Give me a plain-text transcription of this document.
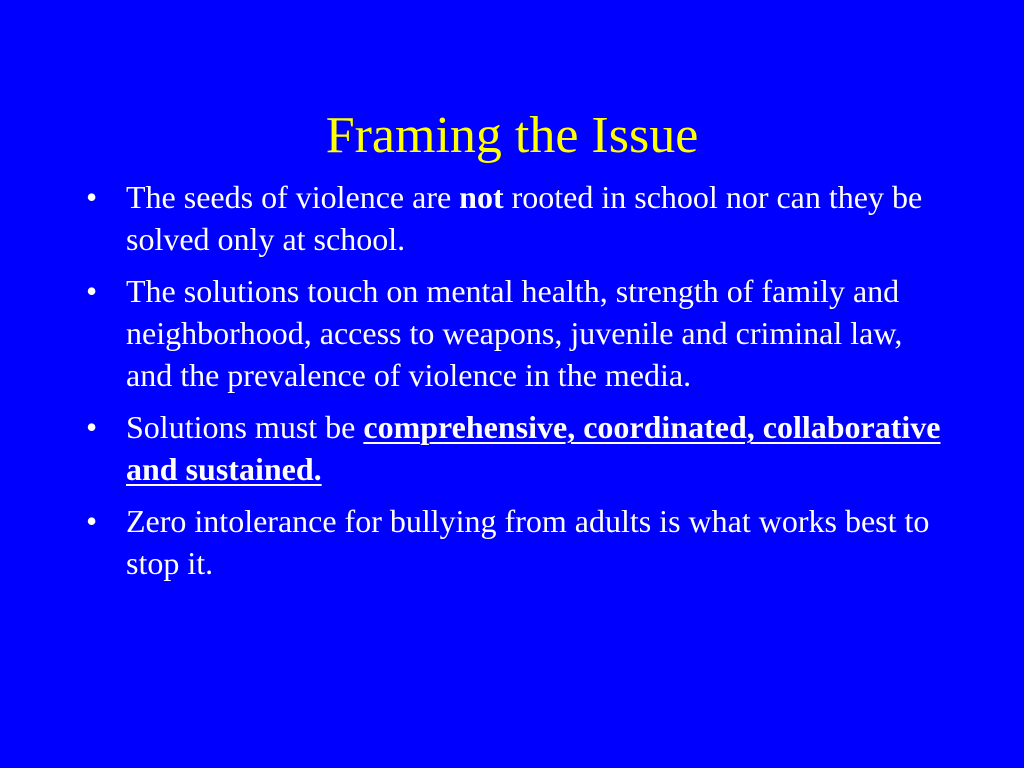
Framing the Issue
• The seeds of violence are not rooted in school nor can they be solved only at school.
• The solutions touch on mental health, strength of family and neighborhood, access to weapons, juvenile and criminal law, and the prevalence of violence in the media.
• Solutions must be comprehensive, coordinated, collaborative and sustained.
• Zero intolerance for bullying from adults is what works best to stop it.
